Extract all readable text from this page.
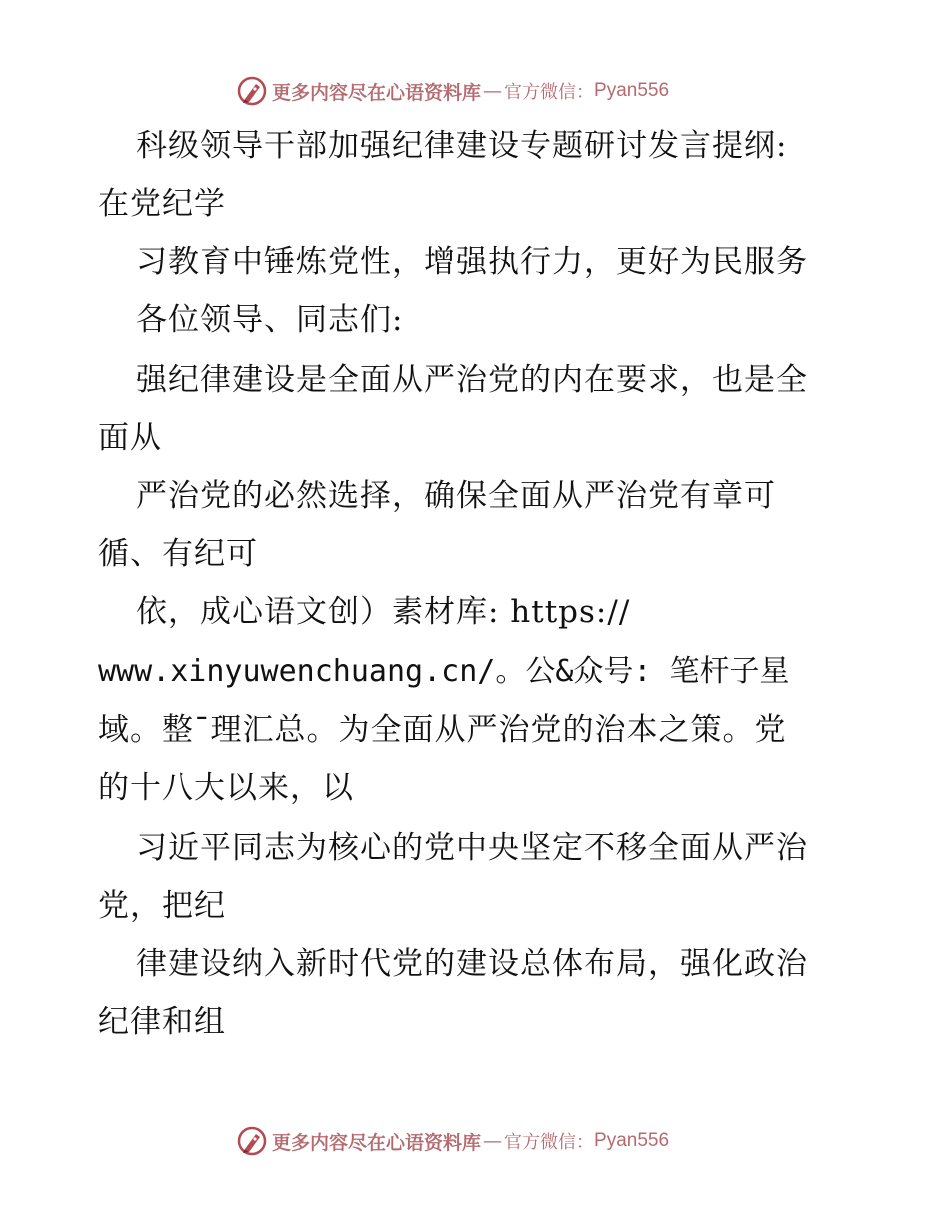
更多内容尽在心语资料库 — 官方微信： Pyan556
科级领导干部加强纪律建设专题研讨发言提纲:
在党纪学
习教育中锤炼党性，增强执行力，更好为民服务
各位领导、同志们:
强纪律建设是全面从严治党的内在要求，也是全
面从
严治党的必然选择，确保全面从严治党有章可
循、有纪可
依，成心语文创）素材库: https://
www.xinyuwenchuang.cn/。公&众号: 笔杆子星
域。整¯理汇总。为全面从严治党的治本之策。党
的十八大以来，以
习近平同志为核心的党中央坚定不移全面从严治
党，把纪
律建设纳入新时代党的建设总体布局，强化政治
纪律和组
更多内容尽在心语资料库 — 官方微信： Pyan556
